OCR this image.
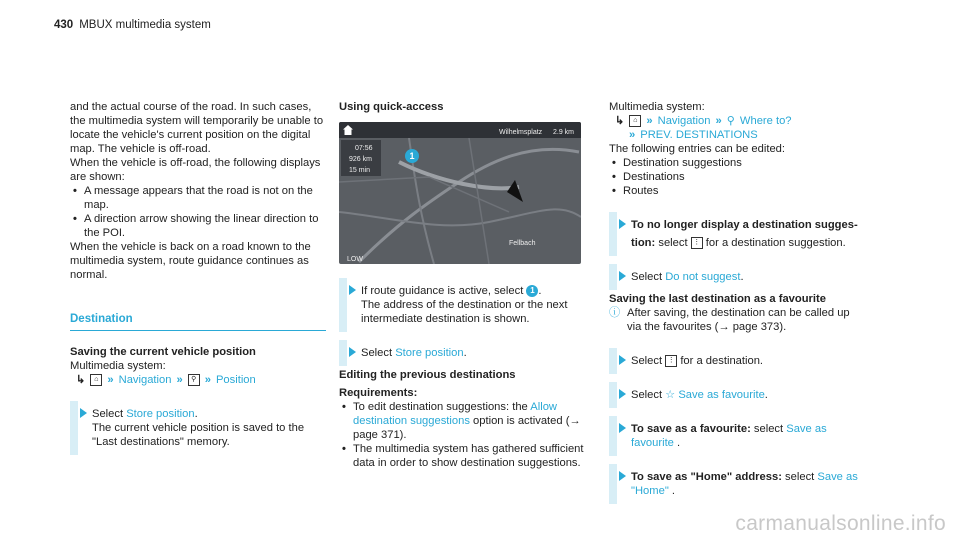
430 MBUX multimedia system

and the actual course of the road. In such cases, the multimedia system will temporarily be unable to locate the vehicle's current position on the digital map. The vehicle is off-road.

When the vehicle is off-road, the following displays are shown:

• A message appears that the road is not on the map.

• A direction arrow showing the linear direction to the POI.

When the vehicle is back on a road known to the multimedia system, route guidance continues as normal.

Destination

Saving the current vehicle position

Multimedia system:

↳	⌂ » Navigation »	⚲ » Position

Select Store position.

The current vehicle position is saved to the "Last destinations" memory.

Using quick-access

Wilhelmsplatz 2.9 km
07:56
926 km
15 min
1
Fellbach
LOW

If route guidance is active, select 1 .

The address of the destination or the next intermediate destination is shown.

Select Store position.

Editing the previous destinations

Requirements:

• To edit destination suggestions: the Allow destination suggestions option is activated (→ page 371).

• The multimedia system has gathered sufficient data in order to show destination suggestions.

Multimedia system:

↳	⌂ » Navigation » ⚲ Where to?
» PREV. DESTINATIONS

The following entries can be edited:

• Destination suggestions

• Destinations

• Routes

To no longer display a destination sugges-

tion: select ⋮ for a destination suggestion.

Select Do not suggest.

Saving the last destination as a favourite

ⓘ After saving, the destination can be called up via the favourites (→ page 373).

Select ⋮ for a destination.

Select ☆ Save as favourite.

To save as a favourite: select Save as favourite .

To save as "Home" address: select Save as "Home" .

carmanualsonline.info
